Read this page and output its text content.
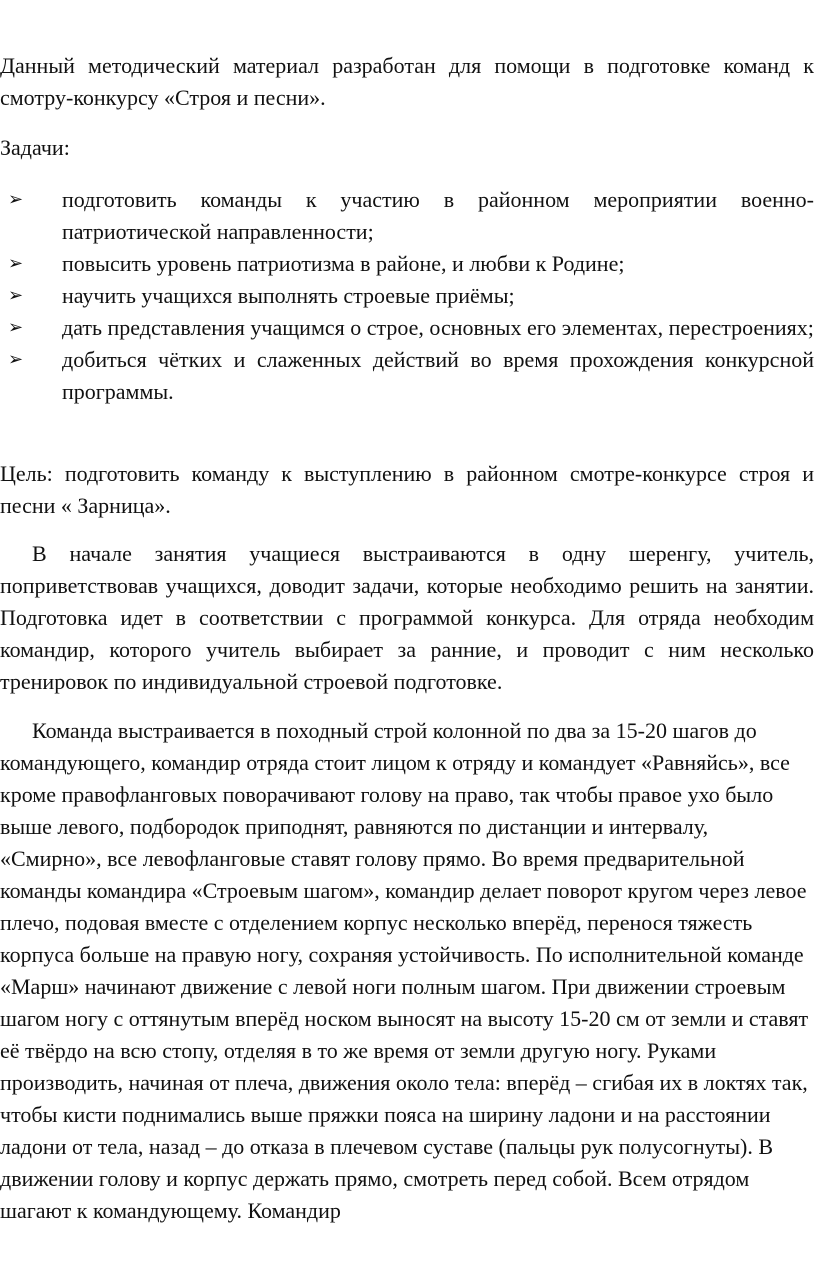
Данный методический материал разработан для помощи в подготовке команд к смотру-конкурсу «Строя и песни».

Задачи:

➢	подготовить команды к участию в районном мероприятии военно-патриотической направленности;
➢	повысить уровень патриотизма в районе, и любви к Родине;
➢	научить учащихся выполнять строевые приёмы;
➢	дать представления учащимся о строе, основных его элементах, перестроениях;
➢	добиться чётких и слаженных действий во время прохождения конкурсной программы.

Цель: подготовить команду к выступлению в районном смотре-конкурсе строя и песни « Зарница».

В начале занятия учащиеся выстраиваются в одну шеренгу, учитель, поприветствовав учащихся, доводит задачи, которые необходимо решить на занятии. Подготовка идет в соответствии с программой конкурса. Для отряда необходим командир, которого учитель выбирает за ранние, и проводит с ним несколько тренировок по индивидуальной строевой подготовке.

Команда выстраивается в походный строй колонной по два за 15-20 шагов до командующего, командир отряда стоит лицом к отряду и командует «Равняйсь», все кроме правофланговых поворачивают голову на право, так чтобы правое ухо было выше левого, подбородок приподнят, равняются по дистанции и интервалу, «Смирно», все левофланговые ставят голову прямо. Во время предварительной команды командира «Строевым шагом», командир делает поворот кругом через левое плечо, подовая вместе с отделением корпус несколько вперёд, перенося тяжесть корпуса больше на правую ногу, сохраняя устойчивость. По исполнительной команде «Марш» начинают движение с левой ноги полным шагом. При движении строевым шагом ногу с оттянутым вперёд носком выносят на высоту 15-20 см от земли и ставят её твёрдо на всю стопу, отделяя в то же время от земли другую ногу. Руками производить, начиная от плеча, движения около тела: вперёд – сгибая их в локтях так, чтобы кисти поднимались выше пряжки пояса на ширину ладони и на расстоянии ладони от тела, назад – до отказа в плечевом суставе (пальцы рук полусогнуты). В движении голову и корпус держать прямо, смотреть перед собой. Всем отрядом шагают к командующему. Командир
